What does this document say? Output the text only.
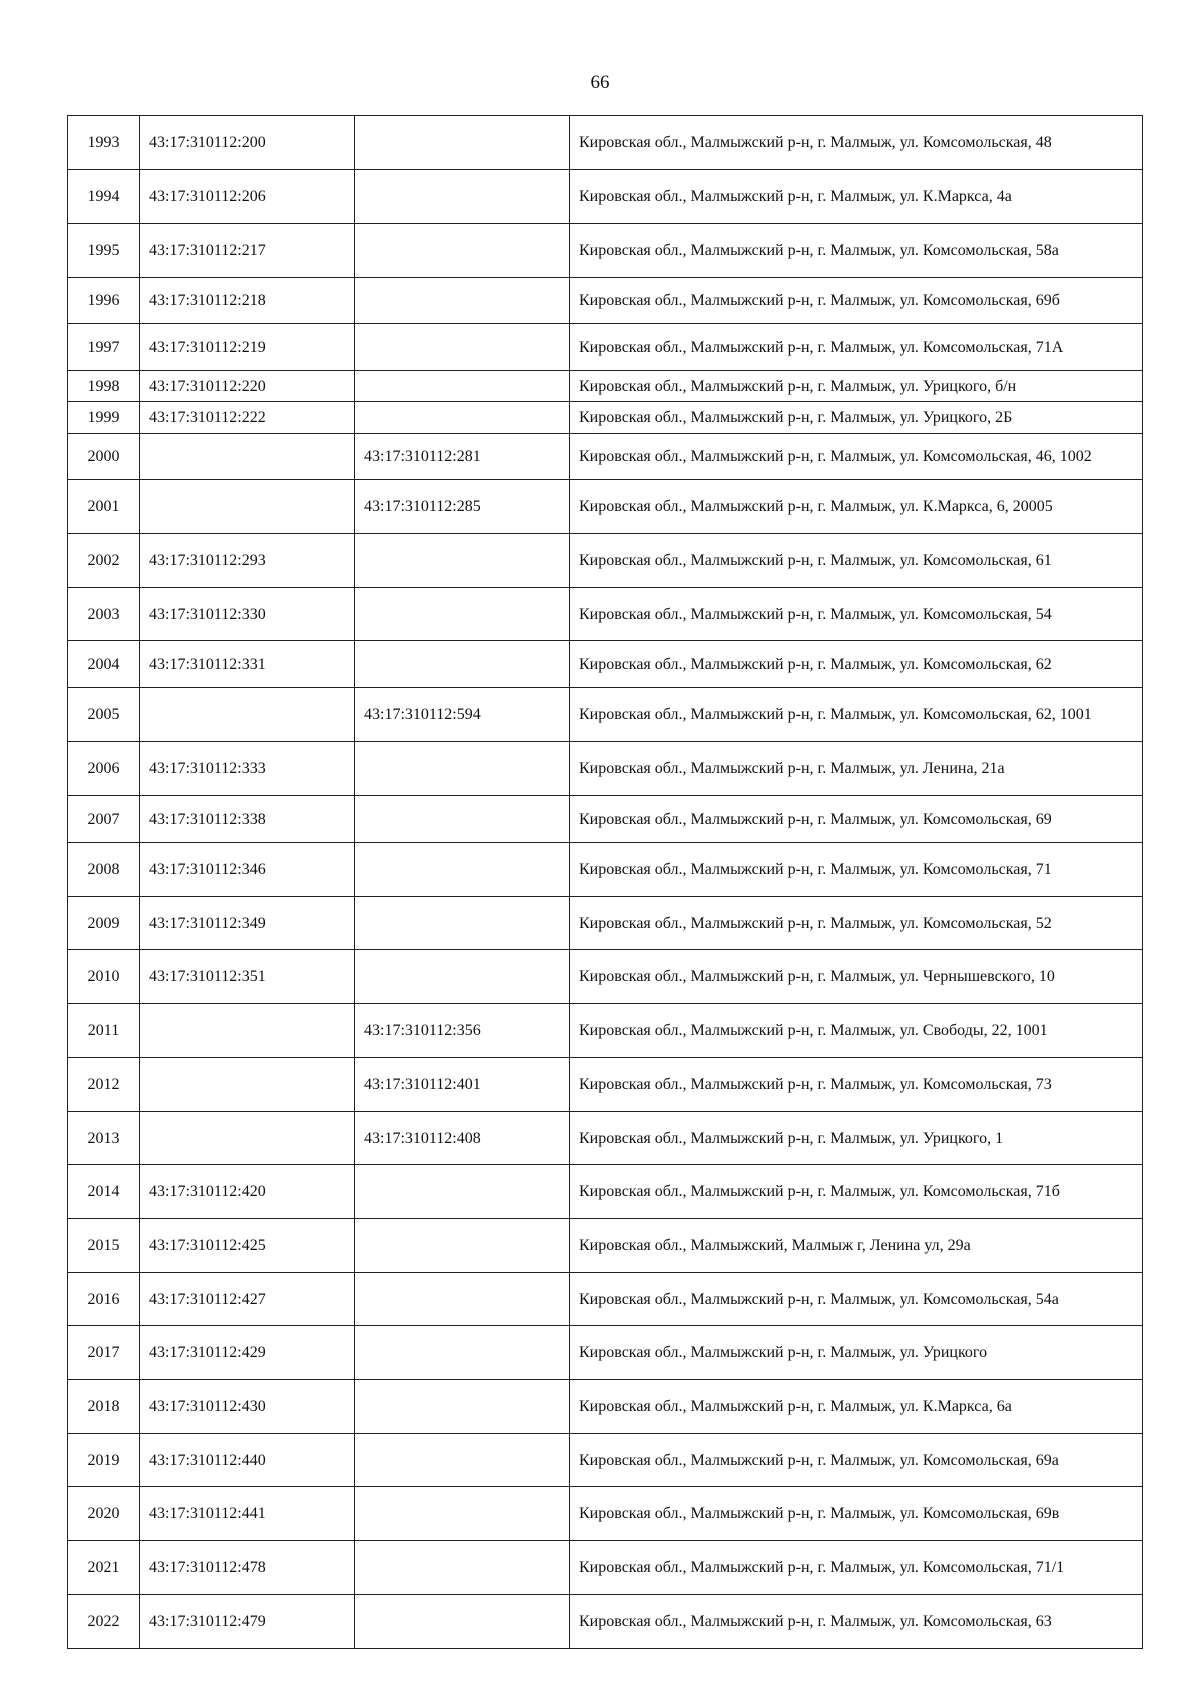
66
1993	43:17:310112:200		Кировская обл., Малмыжский р-н, г. Малмыж, ул. Комсомольская, 48
1994	43:17:310112:206		Кировская обл., Малмыжский р-н, г. Малмыж, ул. К.Маркса, 4а
1995	43:17:310112:217		Кировская обл., Малмыжский р-н, г. Малмыж, ул. Комсомольская, 58а
1996	43:17:310112:218		Кировская обл., Малмыжский р-н, г. Малмыж, ул. Комсомольская, 69б
1997	43:17:310112:219		Кировская обл., Малмыжский р-н, г. Малмыж, ул. Комсомольская, 71А
1998	43:17:310112:220		Кировская обл., Малмыжский р-н, г. Малмыж, ул. Урицкого, б/н
1999	43:17:310112:222		Кировская обл., Малмыжский р-н, г. Малмыж, ул. Урицкого, 2Б
2000		43:17:310112:281	Кировская обл., Малмыжский р-н, г. Малмыж, ул. Комсомольская, 46, 1002
2001		43:17:310112:285	Кировская обл., Малмыжский р-н, г. Малмыж, ул. К.Маркса, 6, 20005
2002	43:17:310112:293		Кировская обл., Малмыжский р-н, г. Малмыж, ул. Комсомольская, 61
2003	43:17:310112:330		Кировская обл., Малмыжский р-н, г. Малмыж, ул. Комсомольская, 54
2004	43:17:310112:331		Кировская обл., Малмыжский р-н, г. Малмыж, ул. Комсомольская, 62
2005		43:17:310112:594	Кировская обл., Малмыжский р-н, г. Малмыж, ул. Комсомольская, 62, 1001
2006	43:17:310112:333		Кировская обл., Малмыжский р-н, г. Малмыж, ул. Ленина, 21а
2007	43:17:310112:338		Кировская обл., Малмыжский р-н, г. Малмыж, ул. Комсомольская, 69
2008	43:17:310112:346		Кировская обл., Малмыжский р-н, г. Малмыж, ул. Комсомольская, 71
2009	43:17:310112:349		Кировская обл., Малмыжский р-н, г. Малмыж, ул. Комсомольская, 52
2010	43:17:310112:351		Кировская обл., Малмыжский р-н, г. Малмыж, ул. Чернышевского, 10
2011		43:17:310112:356	Кировская обл., Малмыжский р-н, г. Малмыж, ул. Свободы, 22, 1001
2012		43:17:310112:401	Кировская обл., Малмыжский р-н, г. Малмыж, ул. Комсомольская, 73
2013		43:17:310112:408	Кировская обл., Малмыжский р-н, г. Малмыж, ул. Урицкого, 1
2014	43:17:310112:420		Кировская обл., Малмыжский р-н, г. Малмыж, ул. Комсомольская, 71б
2015	43:17:310112:425		Кировская обл., Малмыжский, Малмыж г, Ленина ул, 29а
2016	43:17:310112:427		Кировская обл., Малмыжский р-н, г. Малмыж, ул. Комсомольская, 54а
2017	43:17:310112:429		Кировская обл., Малмыжский р-н, г. Малмыж, ул. Урицкого
2018	43:17:310112:430		Кировская обл., Малмыжский р-н, г. Малмыж, ул. К.Маркса, 6а
2019	43:17:310112:440		Кировская обл., Малмыжский р-н, г. Малмыж, ул. Комсомольская, 69а
2020	43:17:310112:441		Кировская обл., Малмыжский р-н, г. Малмыж, ул. Комсомольская, 69в
2021	43:17:310112:478		Кировская обл., Малмыжский р-н, г. Малмыж, ул. Комсомольская, 71/1
2022	43:17:310112:479		Кировская обл., Малмыжский р-н, г. Малмыж, ул. Комсомольская, 63
